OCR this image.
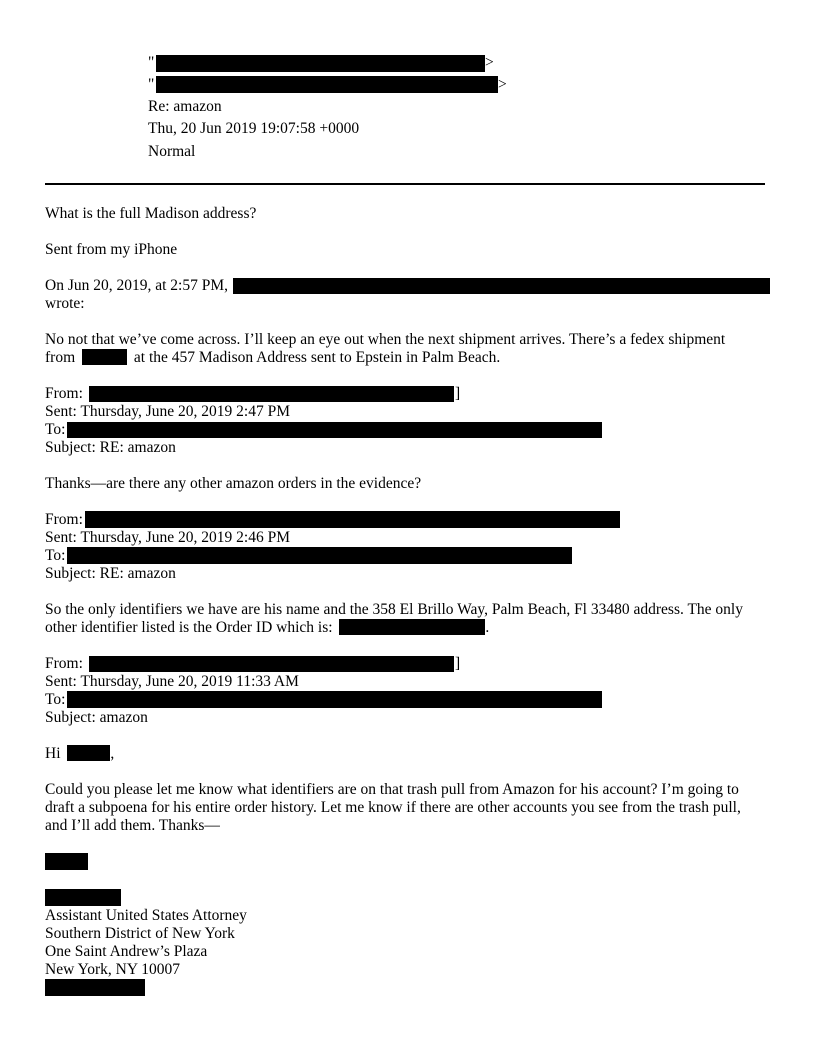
"	>
"	>
Re: amazon
Thu, 20 Jun 2019 19:07:58 +0000
Normal
What is the full Madison address?
Sent from my iPhone
On Jun 20, 2019, at 2:57 PM,
wrote:
No not that we’ve come across. I’ll keep an eye out when the next shipment arrives. There’s a fedex shipment
from	at the 457 Madison Address sent to Epstein in Palm Beach.
From:	]
Sent: Thursday, June 20, 2019 2:47 PM
To:
Subject: RE: amazon
Thanks—are there any other amazon orders in the evidence?
From:
Sent: Thursday, June 20, 2019 2:46 PM
To:
Subject: RE: amazon
So the only identifiers we have are his name and the 358 El Brillo Way, Palm Beach, Fl 33480 address. The only
other identifier listed is the Order ID which is:	.
From:	]
Sent: Thursday, June 20, 2019 11:33 AM
To:
Subject: amazon
Hi	,
Could you please let me know what identifiers are on that trash pull from Amazon for his account? I’m going to
draft a subpoena for his entire order history. Let me know if there are other accounts you see from the trash pull,
and I’ll add them. Thanks—
Assistant United States Attorney
Southern District of New York
One Saint Andrew’s Plaza
New York, NY 10007
